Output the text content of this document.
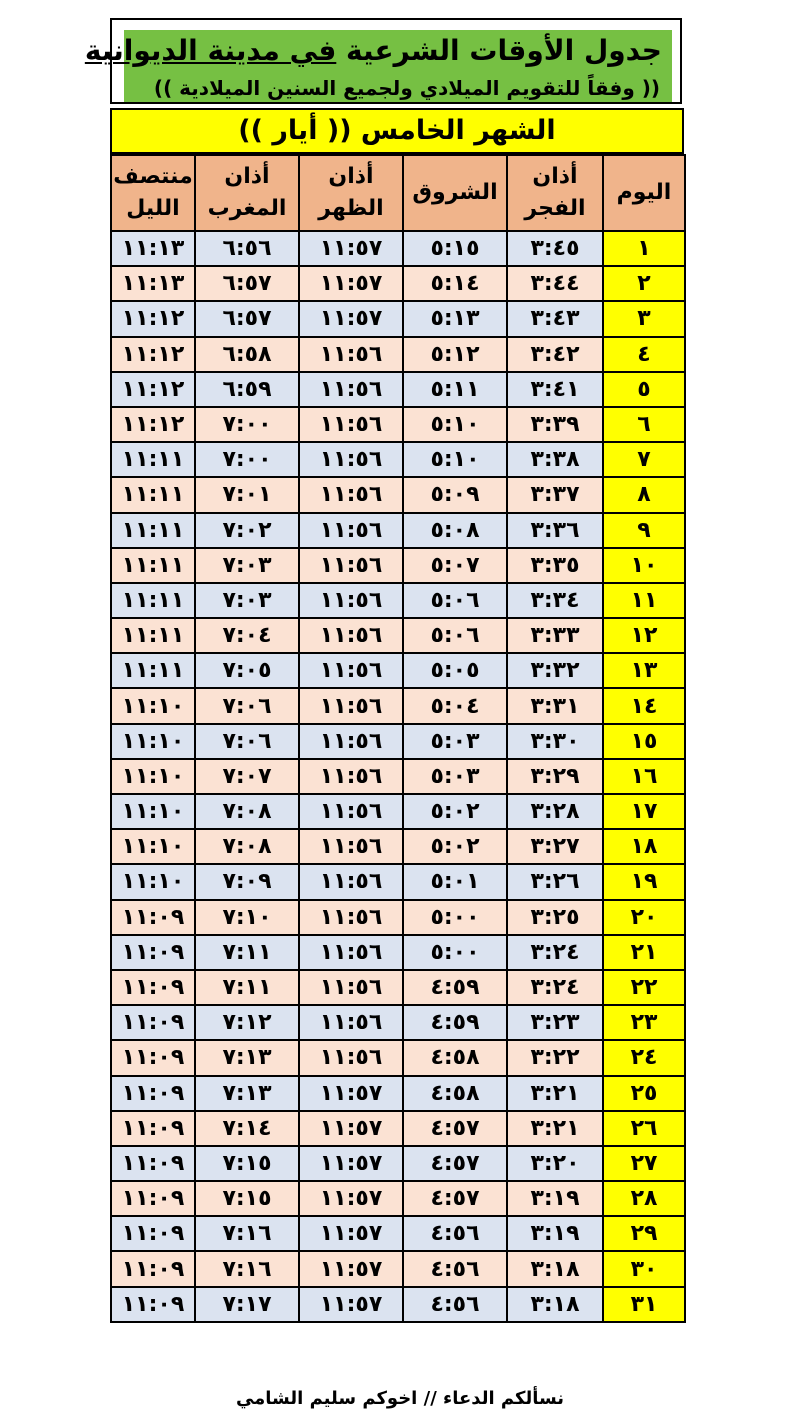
جدول الأوقات الشرعية في مدينة الديوانية
(( وفقاً للتقويم الميلادي ولجميع السنين الميلادية ))
الشهر الخامس (( أيار ))
اليوم	أذان الفجر	الشروق	أذان الظهر	أذان المغرب	منتصف الليل
١	٣:٤٥	٥:١٥	١١:٥٧	٦:٥٦	١١:١٣
٢	٣:٤٤	٥:١٤	١١:٥٧	٦:٥٧	١١:١٣
٣	٣:٤٣	٥:١٣	١١:٥٧	٦:٥٧	١١:١٢
٤	٣:٤٢	٥:١٢	١١:٥٦	٦:٥٨	١١:١٢
٥	٣:٤١	٥:١١	١١:٥٦	٦:٥٩	١١:١٢
٦	٣:٣٩	٥:١٠	١١:٥٦	٧:٠٠	١١:١٢
٧	٣:٣٨	٥:١٠	١١:٥٦	٧:٠٠	١١:١١
٨	٣:٣٧	٥:٠٩	١١:٥٦	٧:٠١	١١:١١
٩	٣:٣٦	٥:٠٨	١١:٥٦	٧:٠٢	١١:١١
١٠	٣:٣٥	٥:٠٧	١١:٥٦	٧:٠٣	١١:١١
١١	٣:٣٤	٥:٠٦	١١:٥٦	٧:٠٣	١١:١١
١٢	٣:٣٣	٥:٠٦	١١:٥٦	٧:٠٤	١١:١١
١٣	٣:٣٢	٥:٠٥	١١:٥٦	٧:٠٥	١١:١١
١٤	٣:٣١	٥:٠٤	١١:٥٦	٧:٠٦	١١:١٠
١٥	٣:٣٠	٥:٠٣	١١:٥٦	٧:٠٦	١١:١٠
١٦	٣:٢٩	٥:٠٣	١١:٥٦	٧:٠٧	١١:١٠
١٧	٣:٢٨	٥:٠٢	١١:٥٦	٧:٠٨	١١:١٠
١٨	٣:٢٧	٥:٠٢	١١:٥٦	٧:٠٨	١١:١٠
١٩	٣:٢٦	٥:٠١	١١:٥٦	٧:٠٩	١١:١٠
٢٠	٣:٢٥	٥:٠٠	١١:٥٦	٧:١٠	١١:٠٩
٢١	٣:٢٤	٥:٠٠	١١:٥٦	٧:١١	١١:٠٩
٢٢	٣:٢٤	٤:٥٩	١١:٥٦	٧:١١	١١:٠٩
٢٣	٣:٢٣	٤:٥٩	١١:٥٦	٧:١٢	١١:٠٩
٢٤	٣:٢٢	٤:٥٨	١١:٥٦	٧:١٣	١١:٠٩
٢٥	٣:٢١	٤:٥٨	١١:٥٧	٧:١٣	١١:٠٩
٢٦	٣:٢١	٤:٥٧	١١:٥٧	٧:١٤	١١:٠٩
٢٧	٣:٢٠	٤:٥٧	١١:٥٧	٧:١٥	١١:٠٩
٢٨	٣:١٩	٤:٥٧	١١:٥٧	٧:١٥	١١:٠٩
٢٩	٣:١٩	٤:٥٦	١١:٥٧	٧:١٦	١١:٠٩
٣٠	٣:١٨	٤:٥٦	١١:٥٧	٧:١٦	١١:٠٩
٣١	٣:١٨	٤:٥٦	١١:٥٧	٧:١٧	١١:٠٩
نسألكم الدعاء // اخوكم سليم الشامي
